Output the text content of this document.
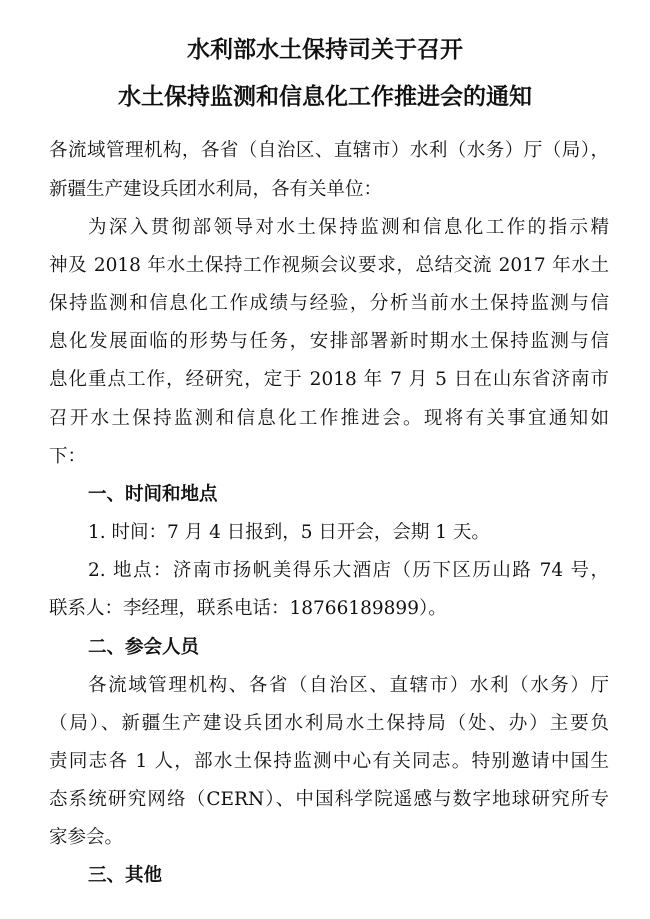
水利部水土保持司关于召开
水土保持监测和信息化工作推进会的通知
各流域管理机构，各省（自治区、直辖市）水利（水务）厅（局），
新疆生产建设兵团水利局，各有关单位：
为深入贯彻部领导对水土保持监测和信息化工作的指示精
神及 2018 年水土保持工作视频会议要求，总结交流 2017 年水土
保持监测和信息化工作成绩与经验，分析当前水土保持监测与信
息化发展面临的形势与任务，安排部署新时期水土保持监测与信
息化重点工作，经研究，定于 2018 年 7 月 5 日在山东省济南市
召开水土保持监测和信息化工作推进会。现将有关事宜通知如
下：
一、时间和地点
1. 时间：7 月 4 日报到，5 日开会，会期 1 天。
2. 地点：济南市扬帆美得乐大酒店（历下区历山路 74 号，
联系人：李经理，联系电话：18766189899）。
二、参会人员
各流域管理机构、各省（自治区、直辖市）水利（水务）厅
（局）、新疆生产建设兵团水利局水土保持局（处、办）主要负
责同志各 1 人，部水土保持监测中心有关同志。特别邀请中国生
态系统研究网络（CERN）、中国科学院遥感与数字地球研究所专
家参会。
三、其他
